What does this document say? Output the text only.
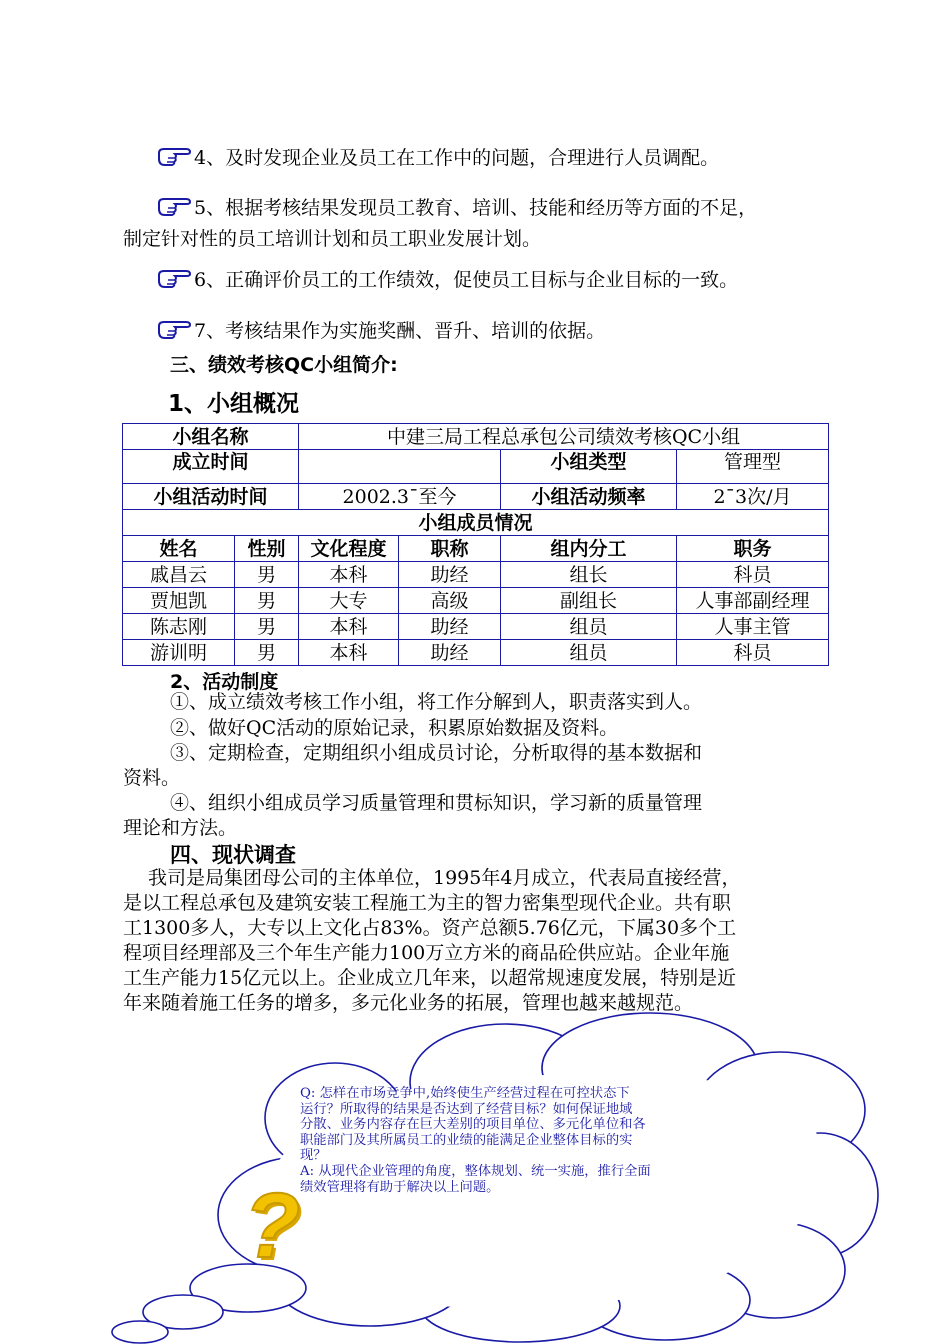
4、及时发现企业及员工在工作中的问题，合理进行人员调配。
5、根据考核结果发现员工教育、培训、技能和经历等方面的不足，
制定针对性的员工培训计划和员工职业发展计划。
6、正确评价员工的工作绩效，促使员工目标与企业目标的一致。
7、考核结果作为实施奖酬、晋升、培训的依据。
三、绩效考核QC小组简介:
1、小组概况
小组名称		中建三局工程总承包公司绩效考核QC小组			
成立时间				小组类型	管理型
小组活动时间		2002.3¯至今		小组活动频率	2¯3次/月
小组成员情况					
姓名	性别	文化程度	职称	组内分工	职务
戚昌云	男	本科	助经	组长	科员
贾旭凯	男	大专	高级	副组长	人事部副经理
陈志刚	男	本科	助经	组员	人事主管
游训明	男	本科	助经	组员	科员
2、活动制度
①、成立绩效考核工作小组，将工作分解到人，职责落实到人。
②、做好QC活动的原始记录，积累原始数据及资料。
③、定期检查，定期组织小组成员讨论，分析取得的基本数据和
资料。
④、组织小组成员学习质量管理和贯标知识，学习新的质量管理
理论和方法。
四、现状调查
我司是局集团母公司的主体单位，1995年4月成立，代表局直接经营，
是以工程总承包及建筑安装工程施工为主的智力密集型现代企业。共有职
工1300多人，大专以上文化占83%。资产总额5.76亿元，下属30多个工
程项目经理部及三个年生产能力100万立方米的商品砼供应站。企业年施
工生产能力15亿元以上。企业成立几年来，以超常规速度发展，特别是近
年来随着施工任务的增多，多元化业务的拓展，管理也越来越规范。
Q: 怎样在市场竞争中,始终使生产经营过程在可控状态下
运行？所取得的结果是否达到了经营目标？如何保证地域
分散、业务内容存在巨大差别的项目单位、多元化单位和各
职能部门及其所属员工的业绩的能满足企业整体目标的实
现？
A: 从现代企业管理的角度，整体规划、统一实施，推行全面
绩效管理将有助于解决以上问题。
?
